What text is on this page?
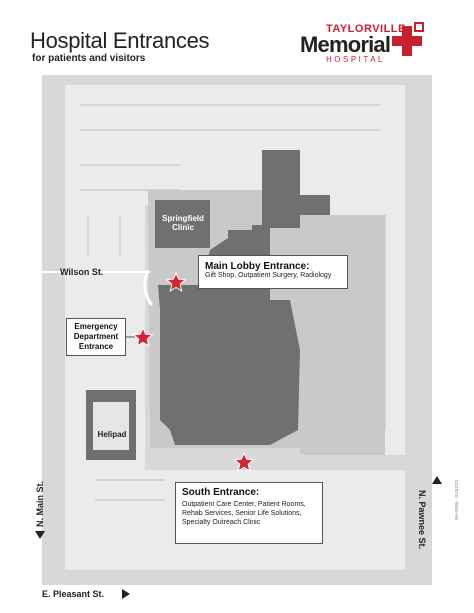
Hospital Entrances
for patients and visitors
TAYLORVILLE
Memorial
HOSPITAL
Wilson St.
N. Main St.	N. Pawnee St.
E. Pleasant St.
Springfield
Clinic
Helipad
Main Lobby Entrance:
Gift Shop, Outpatient Surgery, Radiology
Emergency
Department
Entrance
South Entrance:
Outpatient Care Center, Patient Rooms,
Rehab Services, Senior Life Solutions,
Specialty Outreach Clinic
MH-0006 · 01/01/20
